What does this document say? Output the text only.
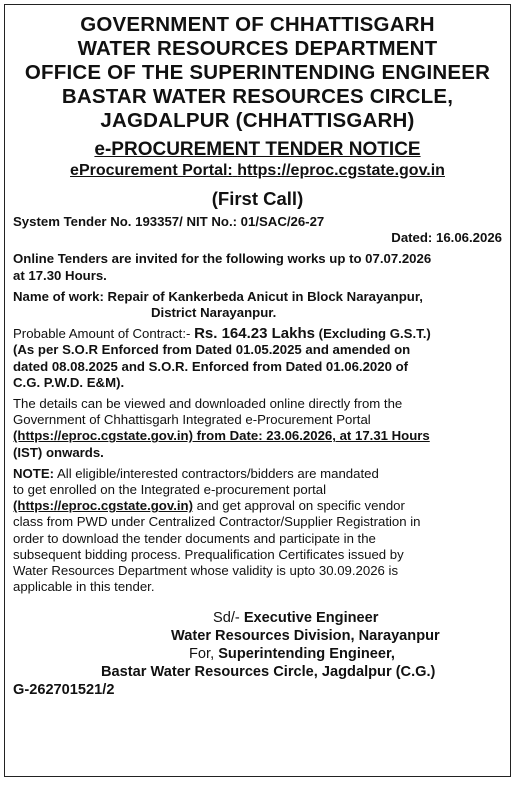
GOVERNMENT OF CHHATTISGARH
WATER RESOURCES DEPARTMENT
OFFICE OF THE SUPERINTENDING ENGINEER
BASTAR WATER RESOURCES CIRCLE,
JAGDALPUR (CHHATTISGARH)
e-PROCUREMENT TENDER NOTICE
eProcurement Portal: https://eproc.cgstate.gov.in
(First Call)
System Tender No. 193357/ NIT No.: 01/SAC/26-27
Dated: 16.06.2026
Online Tenders are invited for the following works up to 07.07.2026
at 17.30 Hours.
Name of work: Repair of Kankerbeda Anicut in Block Narayanpur,
District Narayanpur.
Probable Amount of Contract:- Rs. 164.23 Lakhs (Excluding G.S.T.)
(As per S.O.R Enforced from Dated 01.05.2025 and amended on
dated 08.08.2025 and S.O.R. Enforced from Dated 01.06.2020 of
C.G. P.W.D. E&M).
The details can be viewed and downloaded online directly from the
Government of Chhattisgarh Integrated e-Procurement Portal
(https://eproc.cgstate.gov.in) from Date: 23.06.2026, at 17.31 Hours
(IST) onwards.
NOTE: All eligible/interested contractors/bidders are mandated
to get enrolled on the Integrated e-procurement portal
(https://eproc.cgstate.gov.in) and get approval on specific vendor
class from PWD under Centralized Contractor/Supplier Registration in
order to download the tender documents and participate in the
subsequent bidding process. Prequalification Certificates issued by
Water Resources Department whose validity is upto 30.09.2026 is
applicable in this tender.
Sd/- Executive Engineer
Water Resources Division, Narayanpur
For, Superintending Engineer,
Bastar Water Resources Circle, Jagdalpur (C.G.)
G-262701521/2
